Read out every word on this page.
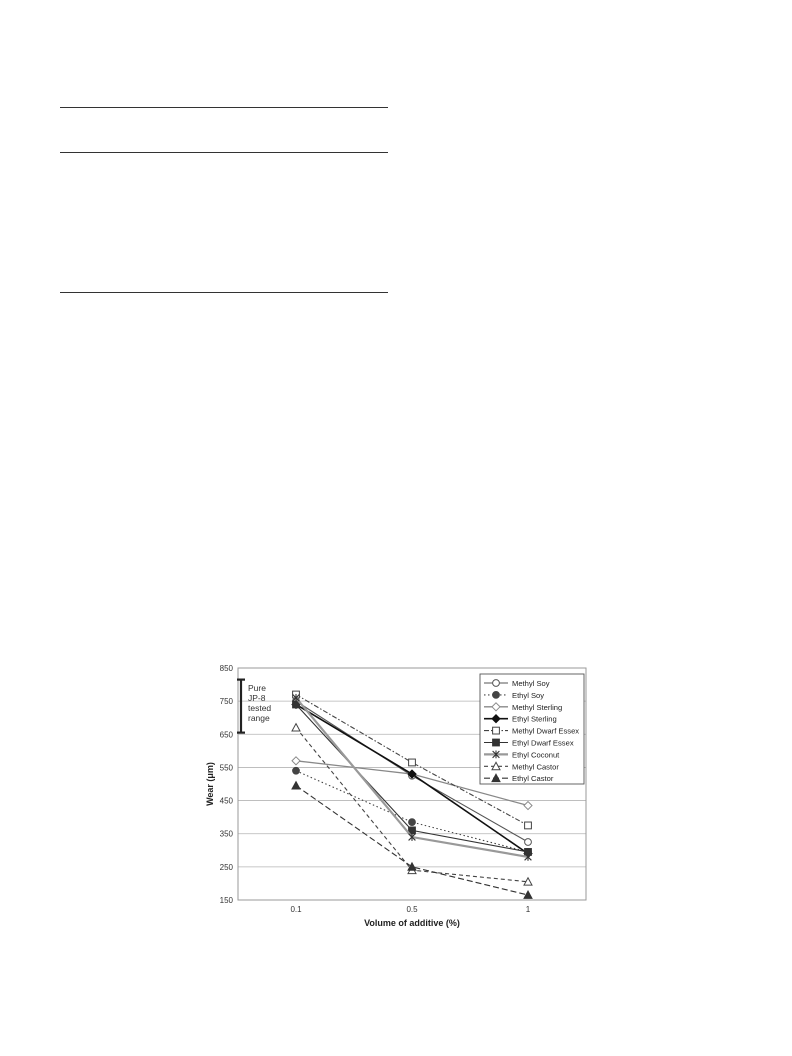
150
250
350
450
550
650
750
850
0.1	0.5	1
Pure
JP-8
tested
range
Methyl Soy
Ethyl Soy
Methyl Sterling
Ethyl Sterling
Methyl Dwarf Essex
Ethyl Dwarf Essex
Ethyl Coconut
Methyl Castor
Ethyl Castor
Wear (μm)
Volume of additive (%)
